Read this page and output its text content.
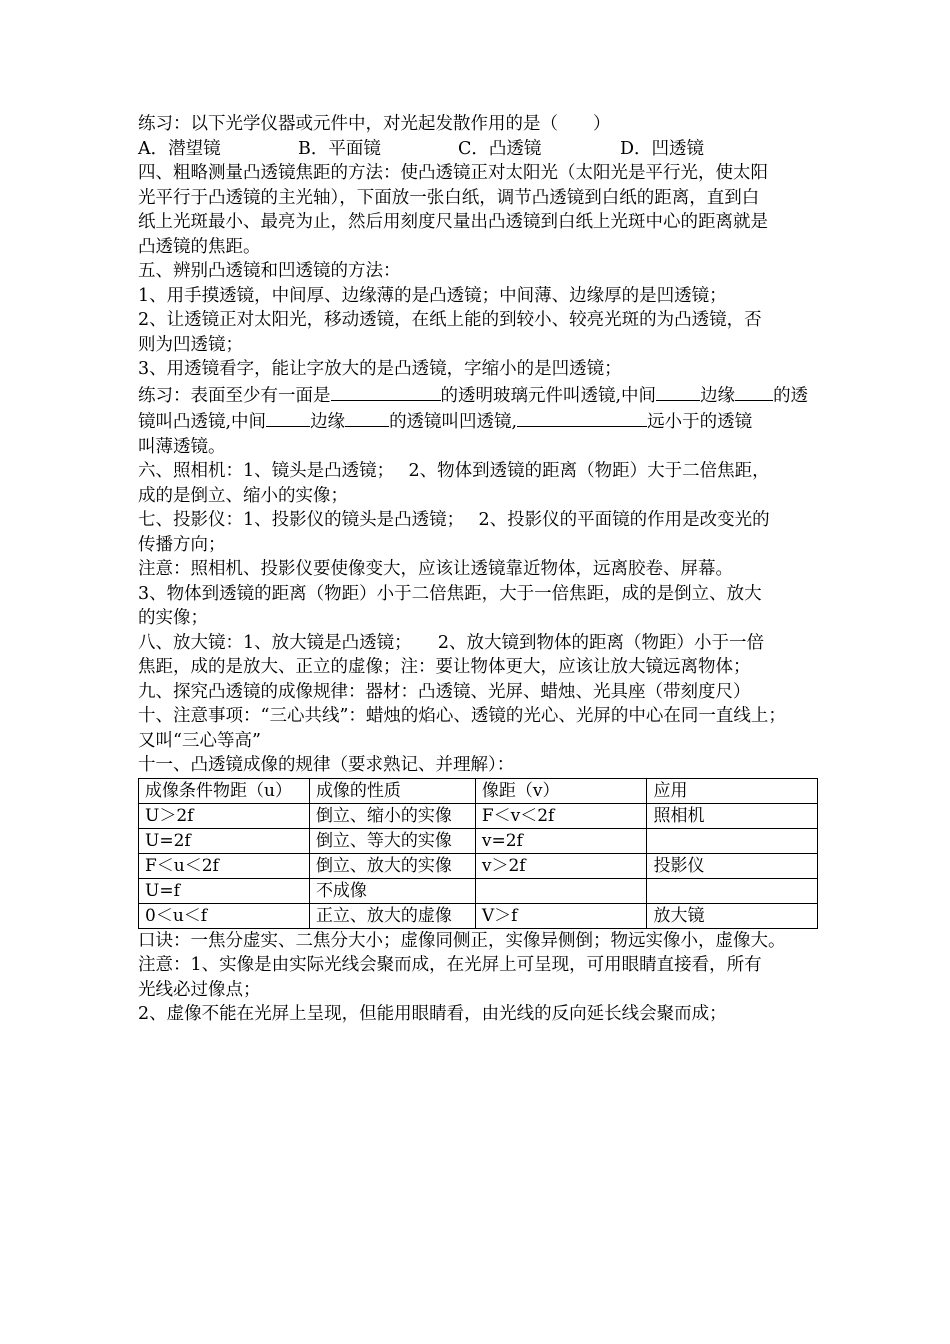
练习：以下光学仪器或元件中，对光起发散作用的是（　　）
A．潜望镜	B．平面镜	C．凸透镜	D．凹透镜
四、粗略测量凸透镜焦距的方法：使凸透镜正对太阳光（太阳光是平行光，使太阳
光平行于凸透镜的主光轴），下面放一张白纸，调节凸透镜到白纸的距离，直到白
纸上光斑最小、最亮为止，然后用刻度尺量出凸透镜到白纸上光斑中心的距离就是
凸透镜的焦距。
五、辨别凸透镜和凹透镜的方法：
1、用手摸透镜，中间厚、边缘薄的是凸透镜；中间薄、边缘厚的是凹透镜；
2、让透镜正对太阳光，移动透镜，在纸上能的到较小、较亮光斑的为凸透镜，否
则为凹透镜；
3、用透镜看字，能让字放大的是凸透镜，字缩小的是凹透镜；
练习：表面至少有一面是	的透明玻璃元件叫透镜,中间	边缘 的透
镜叫凸透镜,中间	边缘	的透镜叫凹透镜,	远小于的透镜
叫薄透镜。
六、照相机：1、镜头是凸透镜；　 2、物体到透镜的距离（物距）大于二倍焦距，
成的是倒立、缩小的实像；
七、投影仪：1、投影仪的镜头是凸透镜；　 2、投影仪的平面镜的作用是改变光的
传播方向；
注意：照相机、投影仪要使像变大，应该让透镜靠近物体，远离胶卷、屏幕。
3、物体到透镜的距离（物距）小于二倍焦距，大于一倍焦距，成的是倒立、放大
的实像；
八、放大镜：1、放大镜是凸透镜；　　2、放大镜到物体的距离（物距）小于一倍
焦距，成的是放大、正立的虚像；注：要让物体更大，应该让放大镜远离物体；
九、探究凸透镜的成像规律：器材：凸透镜、光屏、蜡烛、光具座（带刻度尺）
十、注意事项：“三心共线”：蜡烛的焰心、透镜的光心、光屏的中心在同一直线上；
又叫“三心等高”
十一、凸透镜成像的规律（要求熟记、并理解）：
成像条件物距（u）	成像的性质	像距（v）	应用
U＞2f	倒立、缩小的实像	F＜v＜2f	照相机
U=2f	倒立、等大的实像	v=2f	
F＜u＜2f	倒立、放大的实像	v＞2f	投影仪
U=f	不成像		
0＜u＜f	正立、放大的虚像	V＞f	放大镜
口诀：一焦分虚实、二焦分大小；虚像同侧正，实像异侧倒；物远实像小，虚像大。
注意：1、实像是由实际光线会聚而成，在光屏上可呈现，可用眼睛直接看，所有
光线必过像点；
2、虚像不能在光屏上呈现，但能用眼睛看，由光线的反向延长线会聚而成；
